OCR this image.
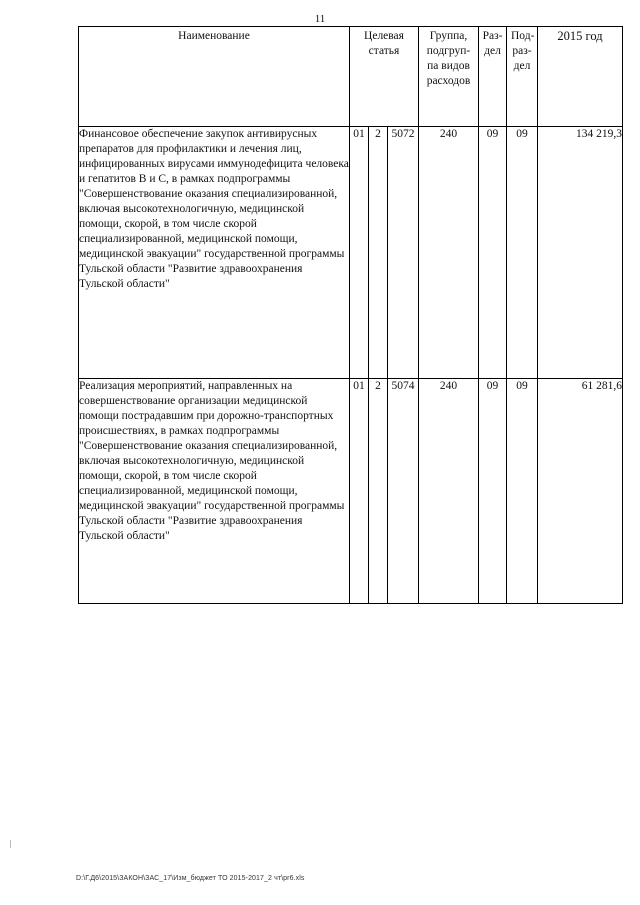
11
Наименование	Целевая статья			Группа, подгруп-па видов расходов	Раз-дел	Под-раз-дел	2015 год
Финансовое обеспечение закупок антивирусных препаратов для профилактики и лечения лиц, инфицированных вирусами иммунодефицита человека и гепатитов В и С, в рамках подпрограммы "Совершенствование оказания специализированной, включая высокотехнологичную, медицинской помощи, скорой, в том числе скорой специализированной, медицинской помощи, медицинской эвакуации" государственной программы Тульской области "Развитие здравоохранения Тульской области"	01	2	5072	240	09	09	134 219,3
Реализация мероприятий, направленных на совершенствование организации медицинской помощи пострадавшим при дорожно-транспортных происшествиях, в рамках подпрограммы "Совершенствование оказания специализированной, включая высокотехнологичную, медицинской помощи, скорой, в том числе скорой специализированной, медицинской помощи, медицинской эвакуации" государственной программы Тульской области "Развитие здравоохранения Тульской области"	01	2	5074	240	09	09	61 281,6
D:\Г.Д6\2015\ЗАКОН\ЗАС_17\Изм_бюджет ТО 2015-2017_2 чт\pr6.xls
